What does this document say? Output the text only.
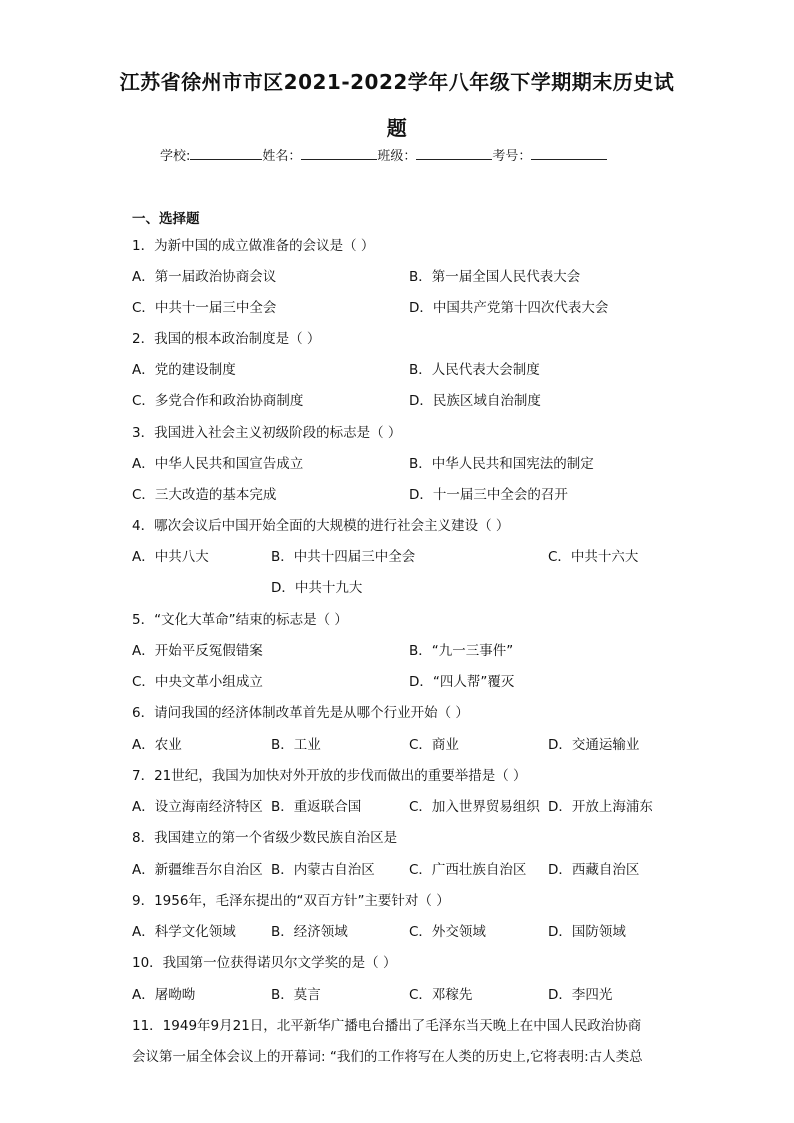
江苏省徐州市市区2021-2022学年八年级下学期期末历史试
题
学校:	姓名：	班级：	考号：
一、选择题
1．为新中国的成立做准备的会议是（ ）
A．第一届政治协商会议	B．第一届全国人民代表大会
C．中共十一届三中全会	D．中国共产党第十四次代表大会
2．我国的根本政治制度是（ ）
A．党的建设制度	B．人民代表大会制度
C．多党合作和政治协商制度	D．民族区域自治制度
3．我国进入社会主义初级阶段的标志是（ ）
A．中华人民共和国宣告成立	B．中华人民共和国宪法的制定
C．三大改造的基本完成	D．十一届三中全会的召开
4．哪次会议后中国开始全面的大规模的进行社会主义建设（ ）
A．中共八大	B．中共十四届三中全会	C．中共十六大
D．中共十九大
5．“文化大革命”结束的标志是（ ）
A．开始平反冤假错案	B．“九一三事件”
C．中央文革小组成立	D．“四人帮”覆灭
6．请问我国的经济体制改革首先是从哪个行业开始（ ）
A．农业	B．工业	C．商业	D．交通运输业
7．21世纪，我国为加快对外开放的步伐而做出的重要举措是（ ）
A．设立海南经济特区 B．重返联合国	C．加入世界贸易组织 D．开放上海浦东
8．我国建立的第一个省级少数民族自治区是
A．新疆维吾尔自治区 B．内蒙古自治区	C．广西壮族自治区 D．西藏自治区
9．1956年，毛泽东提出的“双百方针”主要针对（ ）
A．科学文化领域	B．经济领域	C．外交领域	D．国防领域
10．我国第一位获得诺贝尔文学奖的是（ ）
A．屠呦呦	B．莫言	C．邓稼先	D．李四光
11．1949年9月21日，北平新华广播电台播出了毛泽东当天晚上在中国人民政治协商
会议第一届全体会议上的开幕词: “我们的工作将写在人类的历史上,它将表明:古人类总
